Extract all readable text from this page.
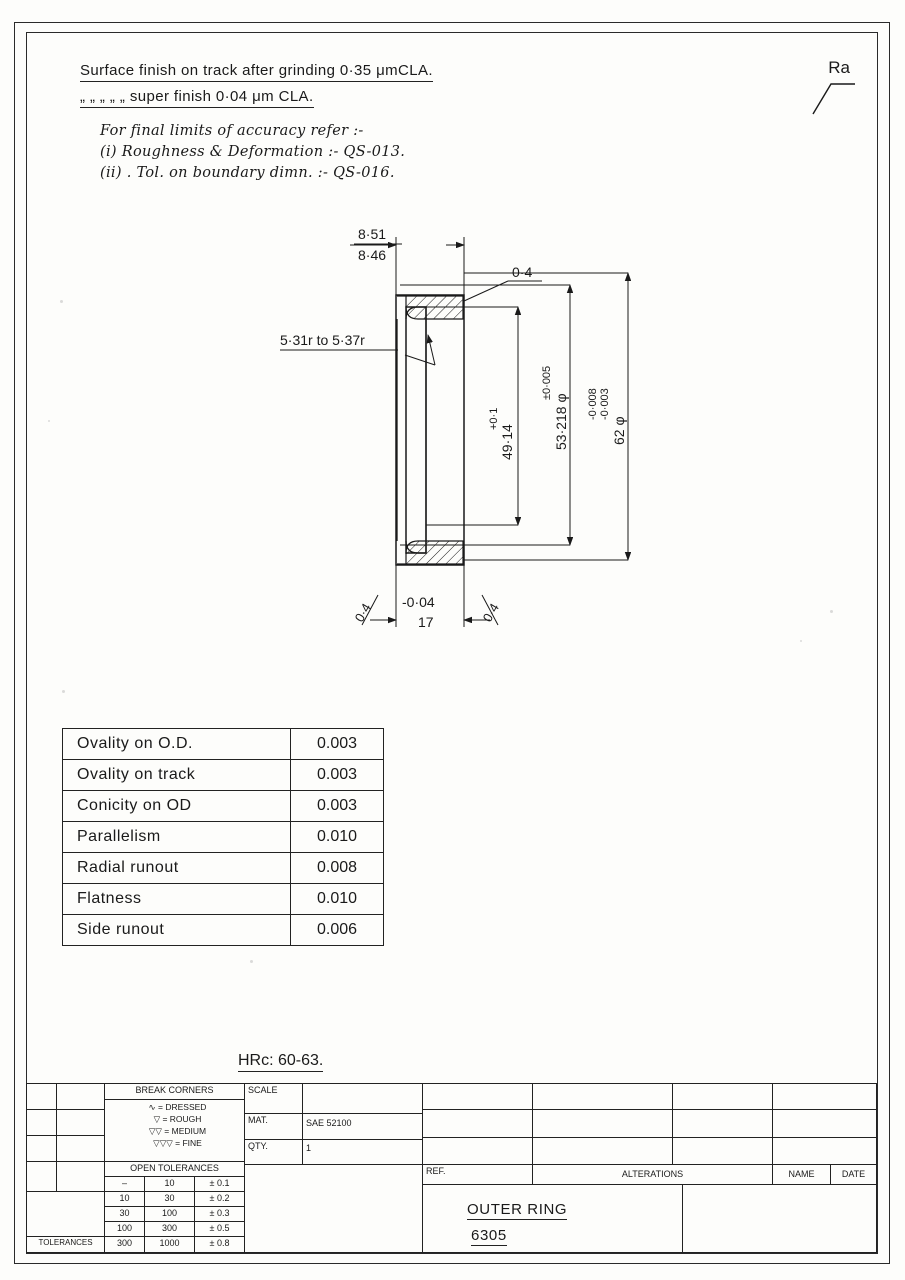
Surface finish on track after grinding 0·35 μmCLA.
„ „ „ „ „ super finish 0·04 μm CLA.
For final limits of accuracy refer :-
(i) Roughness & Deformation :- QS-013.
(ii) . Tol. on boundary dimn. :- QS-016.
Ra
8·51
8·46
0·4
5·31r to 5·37r
49·14
+0·1	53·218 φ
±0·005
62 φ
-0·003
-0·008
-0·04
17
0·4	0·4
Ovality on O.D.	0.003
Ovality on track	0.003
Conicity on OD	0.003
Parallelism	0.010
Radial runout	0.008
Flatness	0.010
Side runout	0.006
HRc: 60-63.
BREAK CORNERS
∿ = DRESSED
▽ = ROUGH
▽▽ = MEDIUM
▽▽▽ = FINE
OPEN TOLERANCES
–	10	± 0.1
10	30	± 0.2
30	100	± 0.3
100	300	± 0.5
300	1000	± 0.8
TOLERANCES
SCALE
MAT.	SAE 52100
QTY.	1
REF.	ALTERATIONS	NAME	DATE
OUTER RING
6305
